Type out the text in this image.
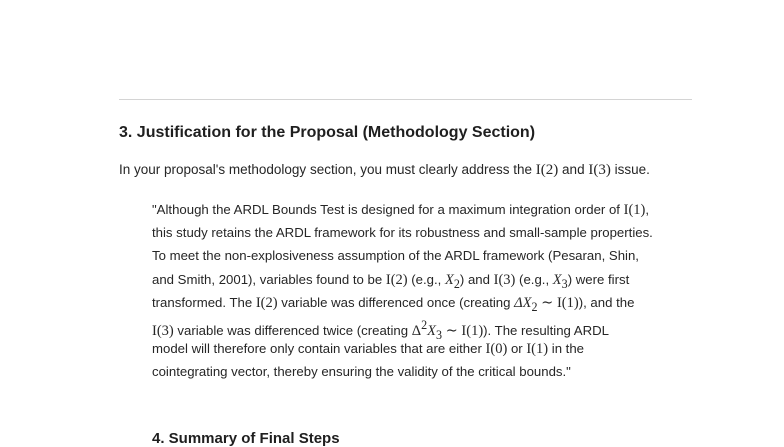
3. Justification for the Proposal (Methodology Section)

In your proposal's methodology section, you must clearly address the I(2) and I(3) issue.

"Although the ARDL Bounds Test is designed for a maximum integration order of I(1),
this study retains the ARDL framework for its robustness and small-sample properties.
To meet the non-explosiveness assumption of the ARDL framework (Pesaran, Shin,
and Smith, 2001), variables found to be I(2) (e.g., $X_2$) and I(3) (e.g., $X_3$) were first
transformed. The I(2) variable was differenced once (creating $\Delta X_2$ ∼ I(1)), and the
I(3) variable was differenced twice (creating $\Delta^2X_3$ ∼ I(1)). The resulting ARDL
model will therefore only contain variables that are either I(0) or I(1) in the
cointegrating vector, thereby ensuring the validity of the critical bounds."
4. Summary of Final Steps
